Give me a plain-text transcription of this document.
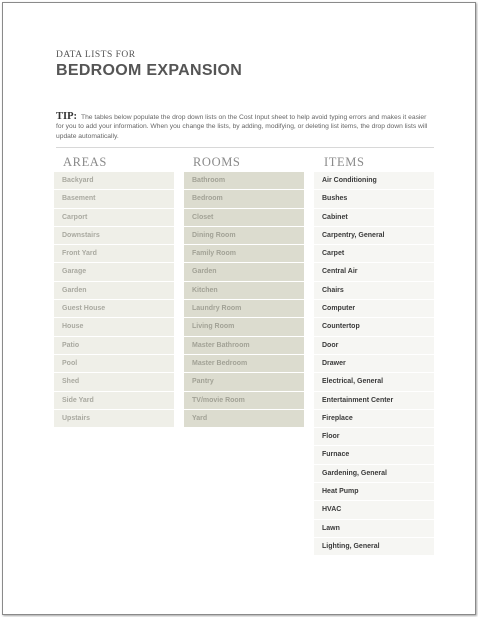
DATA LISTS FOR
BEDROOM EXPANSION
TIP: The tables below populate the drop down lists on the Cost Input sheet to help avoid typing errors and makes it easier for you to add your information. When you change the lists, by adding, modifying, or deleting list items, the drop down lists will update automatically.
AREAS	ROOMS	ITEMS
Backyard
Basement
Carport
Downstairs
Front Yard
Garage
Garden
Guest House
House
Patio
Pool
Shed
Side Yard
Upstairs
Bathroom
Bedroom
Closet
Dining Room
Family Room
Garden
Kitchen
Laundry Room
Living Room
Master Bathroom
Master Bedroom
Pantry
TV/movie Room
Yard
Air Conditioning
Bushes
Cabinet
Carpentry, General
Carpet
Central Air
Chairs
Computer
Countertop
Door
Drawer
Electrical, General
Entertainment Center
Fireplace
Floor
Furnace
Gardening, General
Heat Pump
HVAC
Lawn
Lighting, General
